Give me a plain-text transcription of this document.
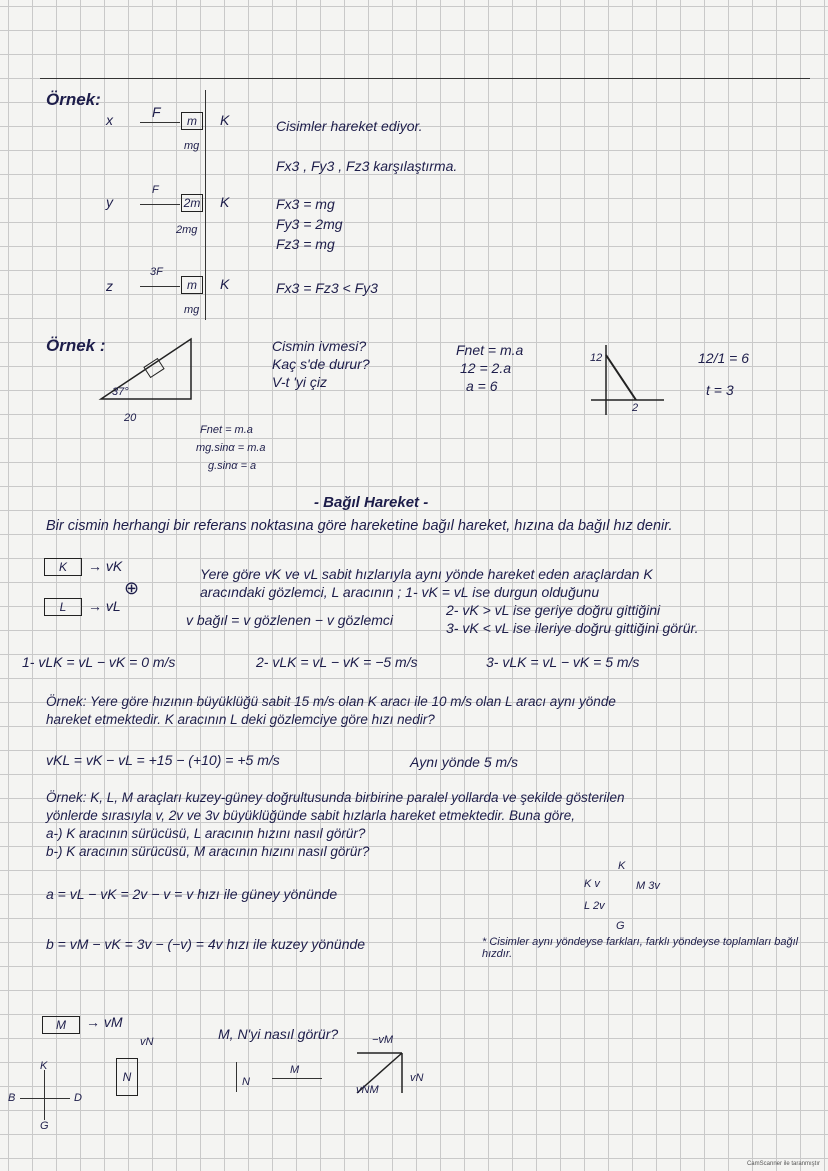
Örnek:
x
y
z
F
F
3F
m
2m
m
mg
2mg
mg
K
K
K
Cisimler hareket ediyor.
Fx3 , Fy3 , Fz3 karşılaştırma.
Fx3 = mg
Fy3 = 2mg
Fz3 = mg
Fx3 = Fz3 < Fy3
Örnek :
37°
20
Cismin ivmesi?
Kaç s'de durur?
V-t 'yi çiz
Fnet = m.a
12 = 2.a
a = 6
Fnet = m.a
mg.sinα = m.a
g.sinα = a
12
2
12/1 = 6
t = 3
- Bağıl Hareket -
Bir cismin herhangi bir referans noktasına göre hareketine bağıl hareket, hızına da bağıl hız denir.
K	→ vK
L	→ vL
⊕
Yere göre vK ve vL sabit hızlarıyla aynı yönde hareket eden araçlardan K
aracındaki gözlemci, L aracının ; 1- vK = vL ise durgun olduğunu
2- vK > vL ise geriye doğru gittiğini
3- vK < vL ise ileriye doğru gittiğini görür.
v bağıl = v gözlenen − v gözlemci
1- vLK = vL − vK = 0 m/s	2- vLK = vL − vK = −5 m/s	3- vLK = vL − vK = 5 m/s
Örnek: Yere göre hızının büyüklüğü sabit 15 m/s olan K aracı ile 10 m/s olan L aracı aynı yönde
hareket etmektedir. K aracının L deki gözlemciye göre hızı nedir?
vKL = vK − vL = +15 − (+10) = +5 m/s	Aynı yönde 5 m/s
Örnek: K, L, M araçları kuzey-güney doğrultusunda birbirine paralel yollarda ve şekilde gösterilen
yönlerde sırasıyla v, 2v ve 3v büyüklüğünde sabit hızlarla hareket etmektedir. Buna göre,
a-) K aracının sürücüsü, L aracının hızını nasıl görür?
b-) K aracının sürücüsü, M aracının hızını nasıl görür?
K
K v
L 2v
M 3v
G
a = vL − vK = 2v − v = v hızı ile güney yönünde
b = vM − vK = 3v − (−v) = 4v hızı ile kuzey yönünde	* Cisimler aynı yöndeyse farkları, farklı yöndeyse toplamları bağıl hızdır.
M	→ vM
N
vN	M, N'yi nasıl görür?
K
G
D
B
N
M
−vM
vN
vNM
CamScanner ile taranmıştır
